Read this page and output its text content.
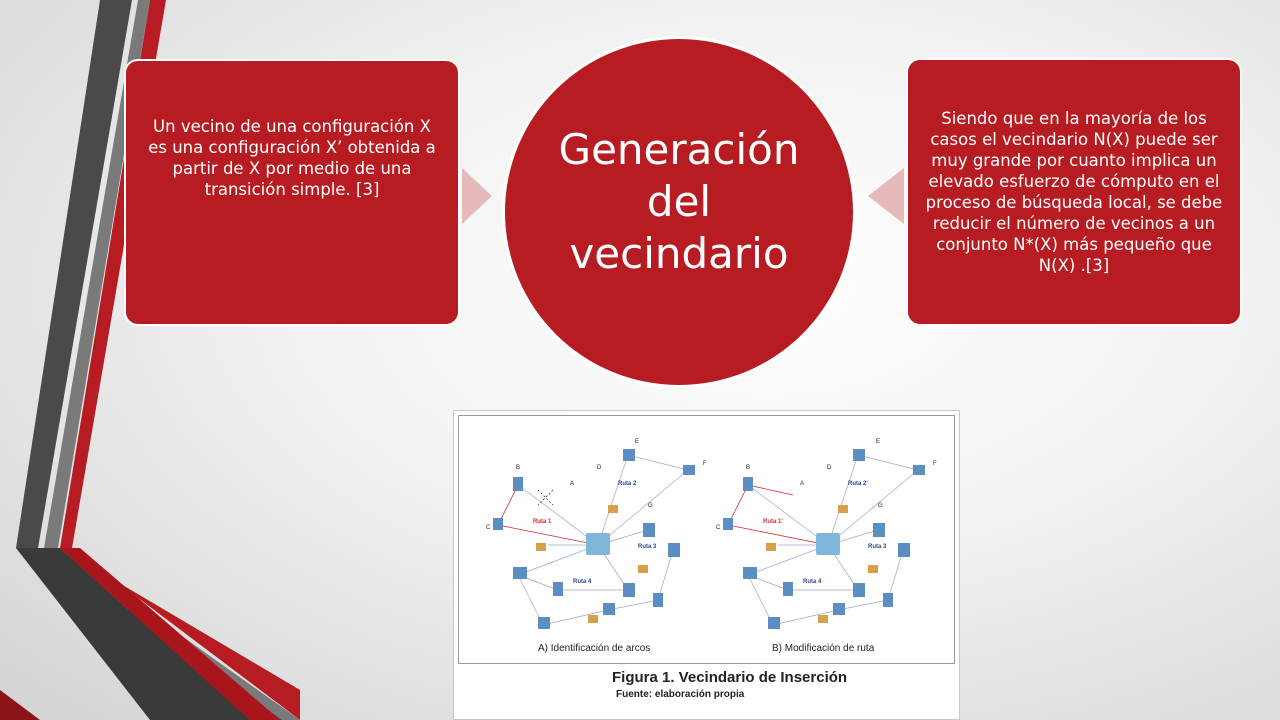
Un vecino de una configuración X es una configuración X’ obtenida a partir de X por medio de una transición simple. [3]
Generación
del
vecindario
Siendo que en la mayoría de los casos el vecindario N(X) puede ser muy grande por cuanto implica un elevado esfuerzo de cómputo en el proceso de búsqueda local, se debe reducir el número de vecinos a un conjunto N*(X) más pequeño que N(X) .[3]
B
A
D
E
F
G
C
Ruta 1
Ruta 2
Ruta 3
Ruta 4
B
A
D
E
F
G
C
Ruta 1'
Ruta 2'
Ruta 3
Ruta 4
A) Identificación de arcos	B) Modificación de ruta
Figura 1. Vecindario de Inserción
Fuente: elaboración propia
